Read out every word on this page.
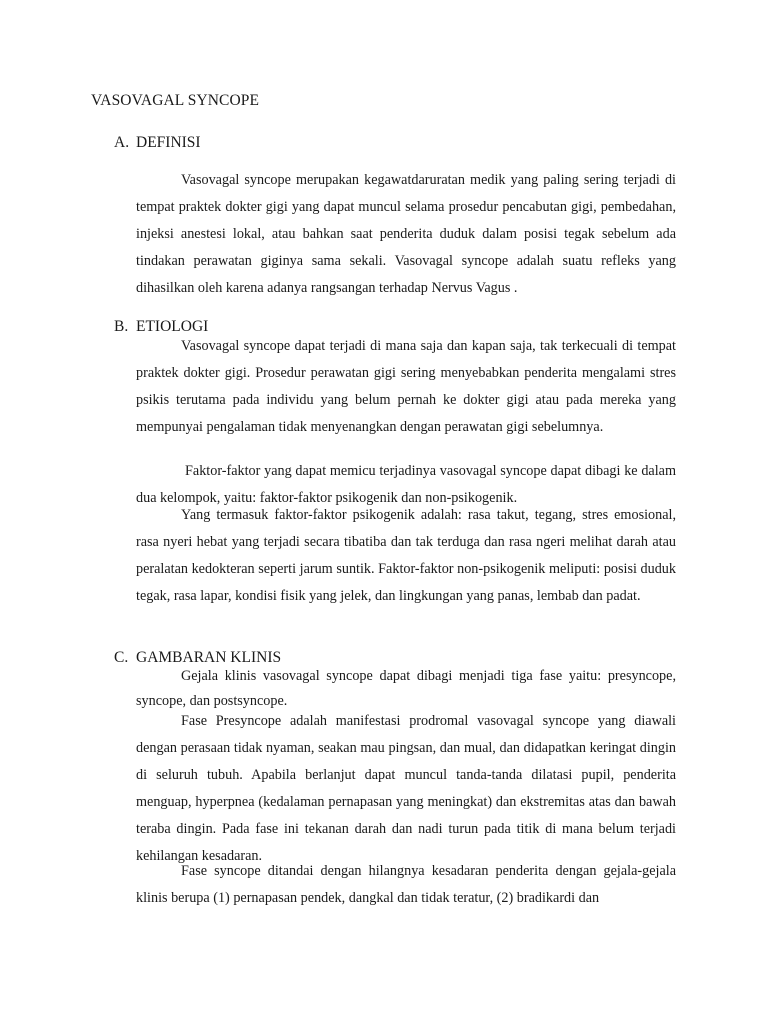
VASOVAGAL SYNCOPE
A. DEFINISI
Vasovagal syncope merupakan kegawatdaruratan medik yang paling sering terjadi di tempat praktek dokter gigi yang dapat muncul selama prosedur pencabutan gigi, pembedahan, injeksi anestesi lokal, atau bahkan saat penderita duduk dalam posisi tegak sebelum ada tindakan perawatan giginya sama sekali. Vasovagal syncope adalah suatu refleks yang dihasilkan oleh karena adanya rangsangan terhadap Nervus Vagus .
B. ETIOLOGI
Vasovagal syncope dapat terjadi di mana saja dan kapan saja, tak terkecuali di tempat praktek dokter gigi. Prosedur perawatan gigi sering menyebabkan penderita mengalami stres psikis terutama pada individu yang belum pernah ke dokter gigi atau pada mereka yang mempunyai pengalaman tidak menyenangkan dengan perawatan gigi sebelumnya.
Faktor-faktor yang dapat memicu terjadinya vasovagal syncope dapat dibagi ke dalam dua kelompok, yaitu: faktor-faktor psikogenik dan non-psikogenik.
Yang termasuk faktor-faktor psikogenik adalah: rasa takut, tegang, stres emosional, rasa nyeri hebat yang terjadi secara tibatiba dan tak terduga dan rasa ngeri melihat darah atau peralatan kedokteran seperti jarum suntik. Faktor-faktor non-psikogenik meliputi: posisi duduk tegak, rasa lapar, kondisi fisik yang jelek, dan lingkungan yang panas, lembab dan padat.
C. GAMBARAN KLINIS
Gejala klinis vasovagal syncope dapat dibagi menjadi tiga fase yaitu: presyncope, syncope, dan postsyncope.
Fase Presyncope adalah manifestasi prodromal vasovagal syncope yang diawali dengan perasaan tidak nyaman, seakan mau pingsan, dan mual, dan didapatkan keringat dingin di seluruh tubuh. Apabila berlanjut dapat muncul tanda-tanda dilatasi pupil, penderita menguap, hyperpnea (kedalaman pernapasan yang meningkat) dan ekstremitas atas dan bawah teraba dingin. Pada fase ini tekanan darah dan nadi turun pada titik di mana belum terjadi kehilangan kesadaran.
Fase syncope ditandai dengan hilangnya kesadaran penderita dengan gejala-gejala klinis berupa (1) pernapasan pendek, dangkal dan tidak teratur, (2) bradikardi dan
